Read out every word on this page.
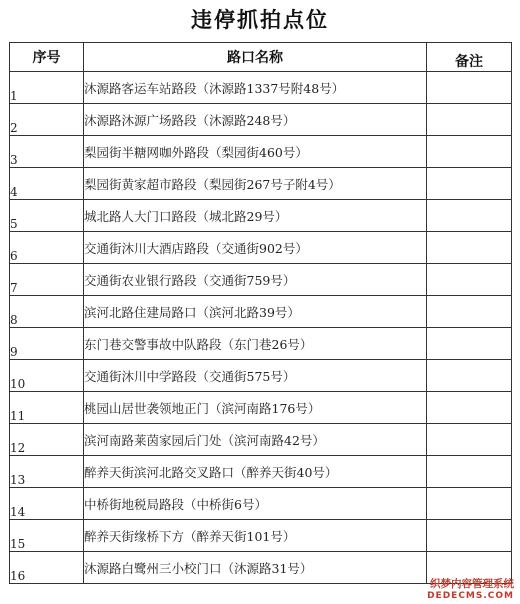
违停抓拍点位
序号	路口名称	备注
1	沐源路客运车站路段（沐源路1337号附48号）	
2	沐源路沐源广场路段（沐源路248号）	
3	梨园街半糖网咖外路段（梨园街460号）	
4	梨园街黄家超市路段（梨园街267号子附4号）	
5	城北路人大门口路段（城北路29号）	
6	交通街沐川大酒店路段（交通街902号）	
7	交通街农业银行路段（交通街759号）	
8	滨河北路住建局路口（滨河北路39号）	
9	东门巷交警事故中队路段（东门巷26号）	
10	交通街沐川中学路段（交通街575号）	
11	桃园山居世袭领地正门（滨河南路176号）	
12	滨河南路莱茵家园后门处（滨河南路42号）	
13	醉养天街滨河北路交叉路口（醉养天街40号）	
14	中桥街地税局路段（中桥街6号）	
15	醉养天街缘桥下方（醉养天街101号）	
16	沐源路白鹭州三小校门口（沐源路31号）	
织梦内容管理系统
DEDECMS.COM
